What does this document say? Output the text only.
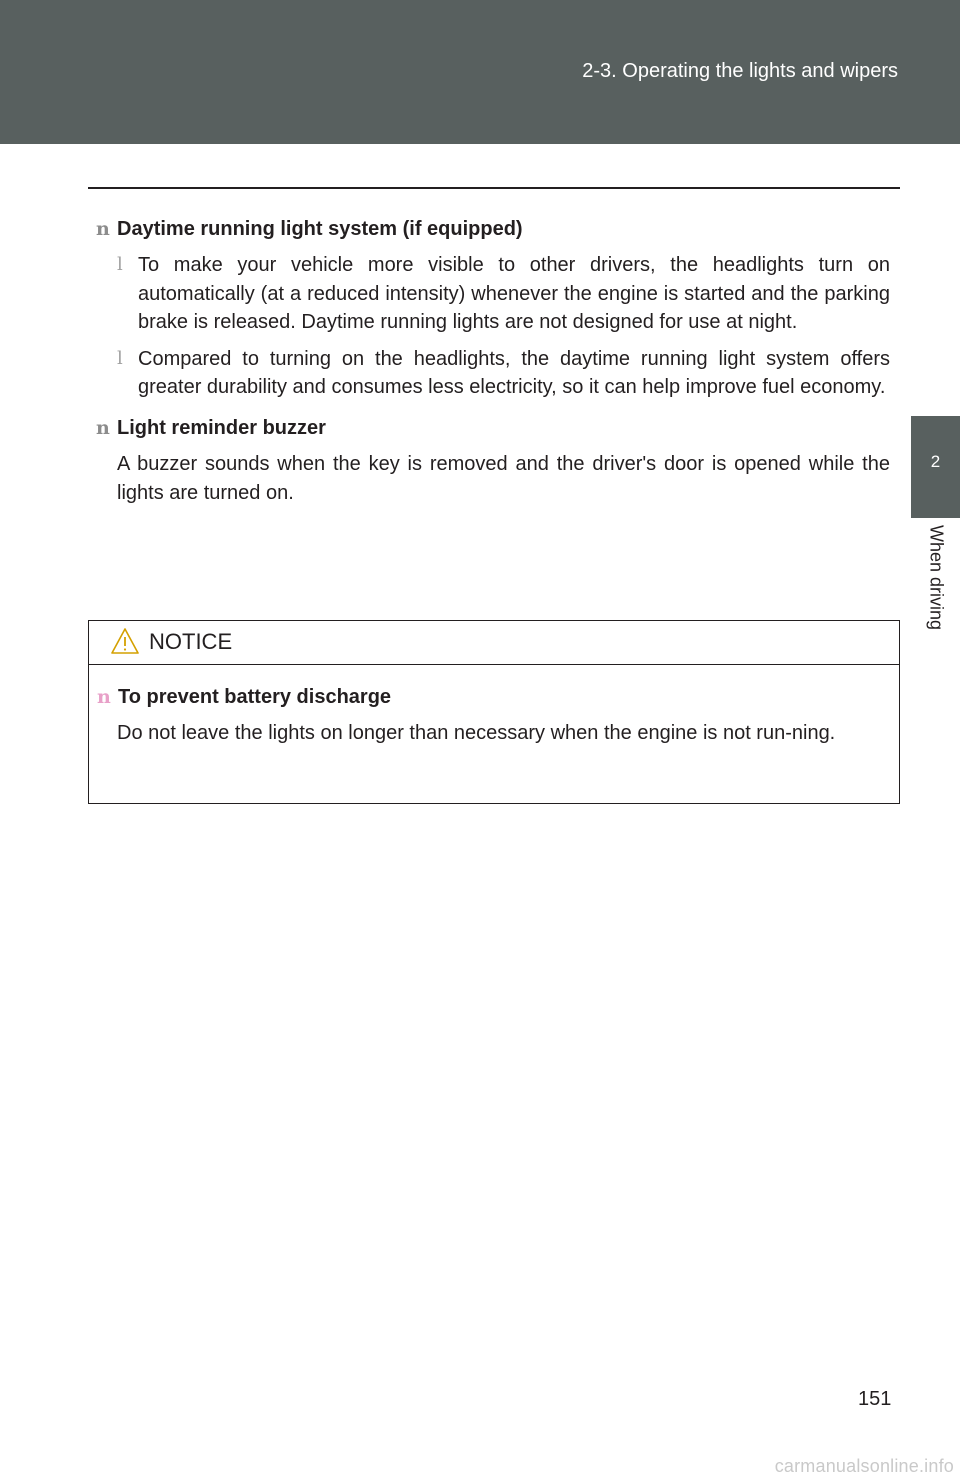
2-3. Operating the lights and wipers
2
When driving
n Daytime running light system (if equipped)
l To make your vehicle more visible to other drivers, the headlights turn on automatically (at a reduced intensity) whenever the engine is started and the parking brake is released. Daytime running lights are not designed for use at night.
l Compared to turning on the headlights, the daytime running light system offers greater durability and consumes less electricity, so it can help improve fuel economy.
n Light reminder buzzer
A buzzer sounds when the key is removed and the driver's door is opened while the lights are turned on.
NOTICE
n To prevent battery discharge
Do not leave the lights on longer than necessary when the engine is not run-ning.
151
carmanualsonline.info
